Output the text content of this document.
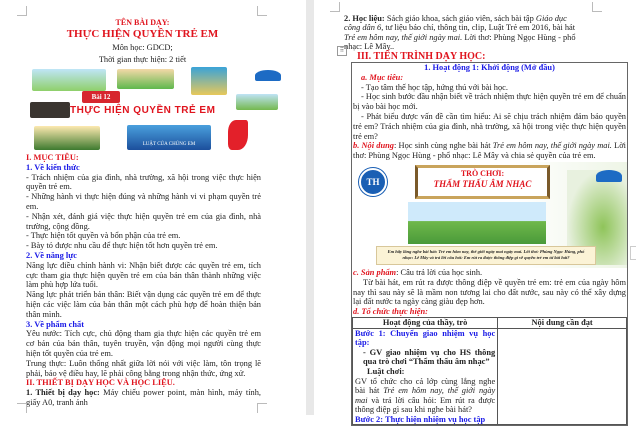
TÊN BÀI DẠY:
THỰC HIỆN QUYỀN TRẺ EM
Môn học: GDCD;
Thời gian thực hiện: 2 tiết
Bài 12
THỰC HIỆN QUYỀN TRẺ EM
LUẬT CỦA CHÚNG EM
I. MỤC TIÊU:
1. Về kiến thức
- Trách nhiệm của gia đình, nhà trường, xã hội trong việc thực hiện quyền trẻ em.
- Những hành vi thực hiện đúng và những hành vi vi phạm quyền trẻ em.
- Nhận xét, đánh giá việc thực hiện quyền trẻ em của gia đình, nhà trường, cộng đồng.
- Thực hiện tốt quyền và bổn phận của trẻ em.
- Bày tỏ được nhu cầu để thực hiện tốt hơn quyền trẻ em.
2. Về năng lực
Năng lực điều chỉnh hành vi: Nhận biết được các quyền trẻ em, tích cực tham gia thực hiện quyền trẻ em của bản thân thành những việc làm phù hợp lứa tuổi.
Năng lực phát triển bản thân: Biết vận dụng các quyền trẻ em để thực hiện các việc làm của bản thân một cách phù hợp để hoàn thiện bản thân mình.
3. Về phẩm chất
Yêu nước: Tích cực, chủ động tham gia thực hiện các quyền trẻ em cơ bản của bản thân, tuyên truyền, vận động mọi người cùng thực hiện tốt quyền của trẻ em.
Trung thực: Luôn thống nhất giữa lời nói với việc làm, tôn trọng lẽ phải, bảo vệ điều hay, lẽ phải công bằng trong nhận thức, ứng xử.
II. THIẾT BỊ DẠY HỌC VÀ HỌC LIỆU.
1. Thiết bị dạy học: Máy chiếu power point, màn hình, máy tính, giấy A0, tranh ảnh
2. Học liệu: Sách giáo khoa, sách giáo viên, sách bài tập Giáo dục công dân 6, tư liệu báo chí, thông tin, clip, Luật Trẻ em 2016, bài hát Trẻ em hôm nay, thế giới ngày mai. Lời thơ: Phùng Ngọc Hùng - phổ nhạc: Lê Mây..
⠿ III. TIẾN TRÌNH DẠY HỌC:
1. Hoạt động 1: Khởi động (Mở đầu)
a. Mục tiêu:
- Tạo tâm thế học tập, hứng thú với bài học.
- Học sinh bước đầu nhận biết về trách nhiệm thực hiện quyền trẻ em để chuẩn bị vào bài học mới.
- Phát biểu được vấn đề cần tìm hiểu: Ai sẽ chịu trách nhiệm đảm bảo quyền trẻ em? Trách nhiệm của gia đình, nhà trường, xã hội trong việc thực hiện quyền trẻ em?
b. Nội dung: Học sinh cùng nghe bài hát Trẻ em hôm nay, thế giới ngày mai. Lời thơ: Phùng Ngọc Hùng - phổ nhạc: Lê Mây và chia sẻ quyền của trẻ em.
TH
TRÒ CHƠI:
THẨM THẤU ÂM NHẠC
Em hãy lắng nghe bài hát: Trẻ em hôm nay, thế giới ngày mai ngày mai. Lời thơ: Phùng Ngọc Hùng, phổ nhạc: Lê Mây và trả lời câu hỏi: Em rút ra được thông điệp gì về quyền trẻ em từ bài hát?
c. Sản phẩm: Câu trả lời của học sinh.
Từ bài hát, em rút ra được thông điệp về quyền trẻ em: trẻ em của ngày hôm nay thì sau này sẽ là mầm non tương lai cho đất nước, sau này có thể xây dựng lại đất nước ta ngày càng giàu đẹp hơn.
d. Tổ chức thực hiện:
Hoạt động của thầy, trò	Nội dung cần đạt

Bước 1: Chuyển giao nhiệm vụ học tập:
- GV giao nhiệm vụ cho HS thông qua trò chơi “Thẩm thấu âm nhạc”
Luật chơi:
GV tổ chức cho cả lớp cùng lắng nghe bài hát Trẻ em hôm nay, thế giới ngày mai và trả lời câu hỏi: Em rút ra được thông điệp gì sau khi nghe bài hát?
Bước 2: Thực hiện nhiệm vụ học tập	
